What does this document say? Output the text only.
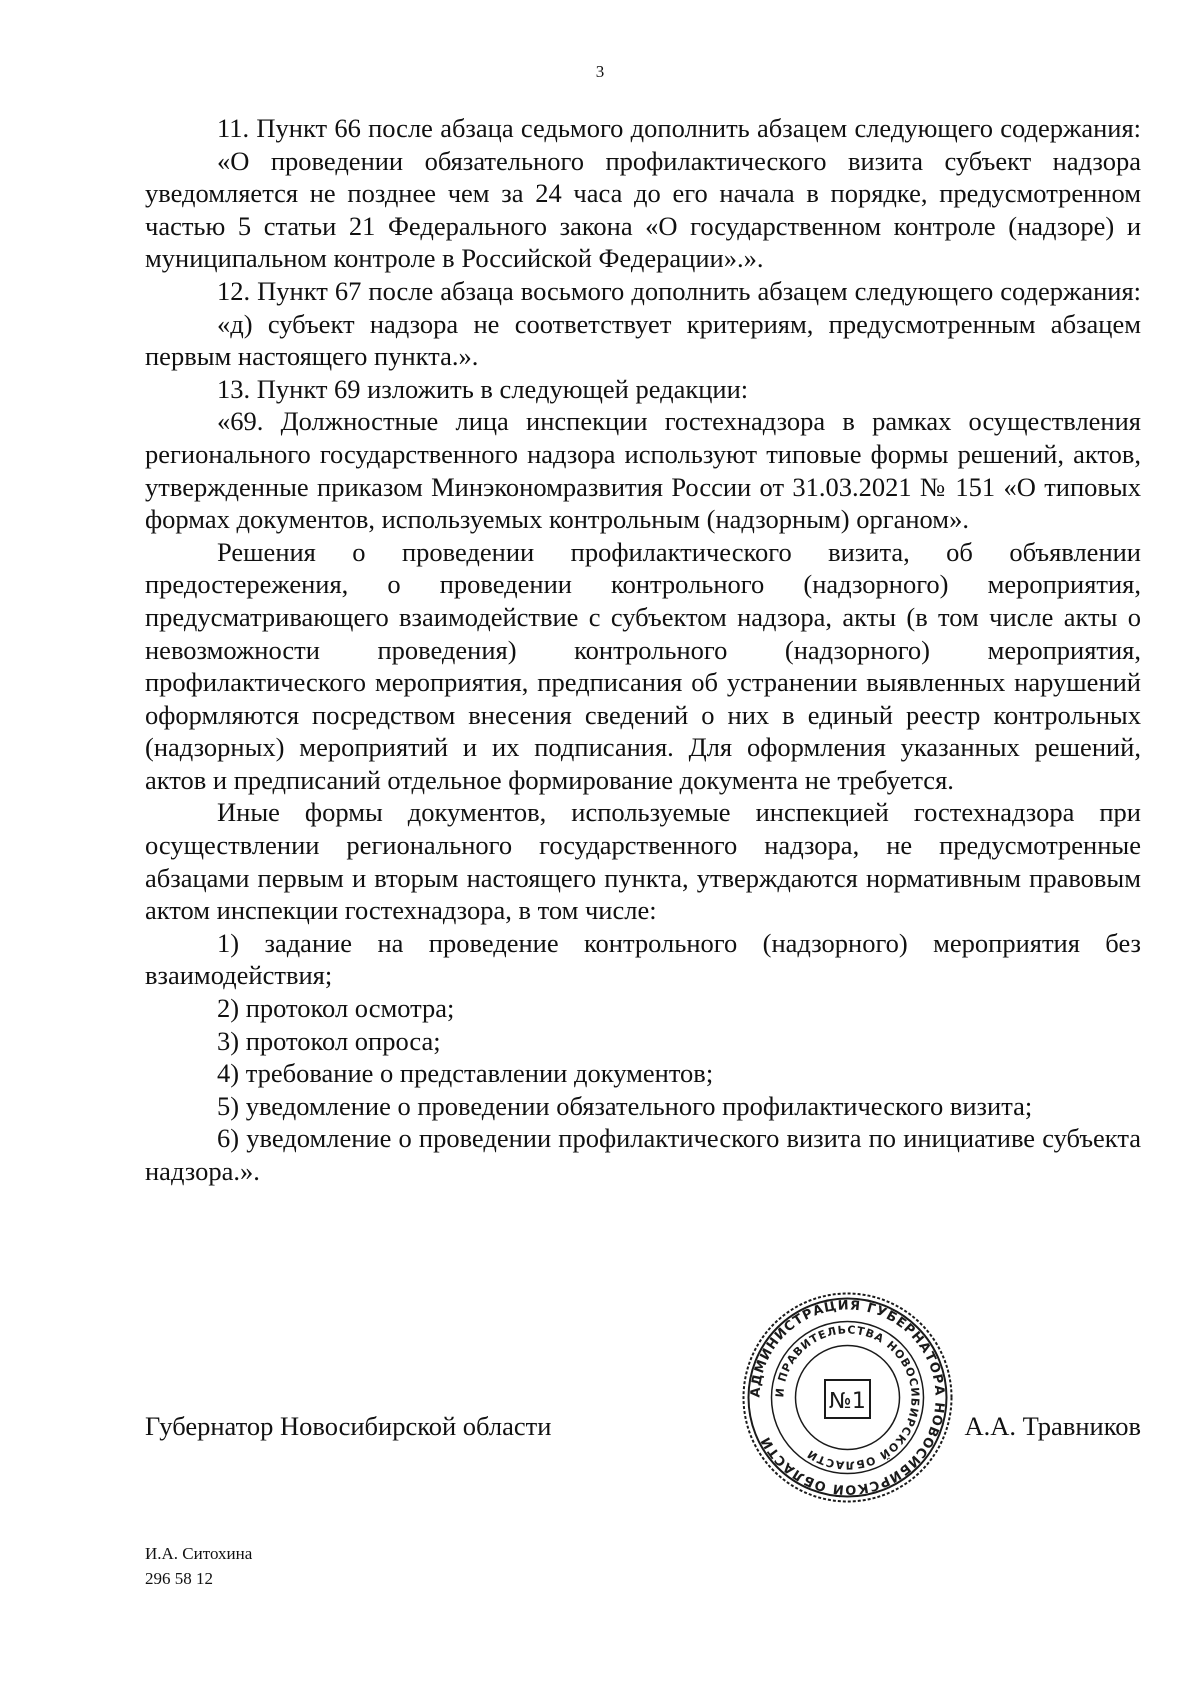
3

11. Пункт 66 после абзаца седьмого дополнить абзацем следующего содержания:

«О проведении обязательного профилактического визита субъект надзора уведомляется не позднее чем за 24 часа до его начала в порядке, предусмотренном частью 5 статьи 21 Федерального закона «О государственном контроле (надзоре) и муниципальном контроле в Российской Федерации».».

12. Пункт 67 после абзаца восьмого дополнить абзацем следующего содержания:

«д) субъект надзора не соответствует критериям, предусмотренным абзацем первым настоящего пункта.».

13. Пункт 69 изложить в следующей редакции:

«69. Должностные лица инспекции гостехнадзора в рамках осуществления регионального государственного надзора используют типовые формы решений, актов, утвержденные приказом Минэкономразвития России от 31.03.2021 № 151 «О типовых формах документов, используемых контрольным (надзорным) органом».

Решения о проведении профилактического визита, об объявлении предостережения, о проведении контрольного (надзорного) мероприятия, предусматривающего взаимодействие с субъектом надзора, акты (в том числе акты о невозможности проведения) контрольного (надзорного) мероприятия, профилактического мероприятия, предписания об устранении выявленных нарушений оформляются посредством внесения сведений о них в единый реестр контрольных (надзорных) мероприятий и их подписания. Для оформления указанных решений, актов и предписаний отдельное формирование документа не требуется.

Иные формы документов, используемые инспекцией гостехнадзора при осуществлении регионального государственного надзора, не предусмотренные абзацами первым и вторым настоящего пункта, утверждаются нормативным правовым актом инспекции гостехнадзора, в том числе:

1) задание на проведение контрольного (надзорного) мероприятия без взаимодействия;

2) протокол осмотра;

3) протокол опроса;

4) требование о представлении документов;

5) уведомление о проведении обязательного профилактического визита;

6) уведомление о проведении профилактического визита по инициативе субъекта надзора.».

Губернатор Новосибирской области	А.А. Травников
АДМИНИСТРАЦИЯ ГУБЕРНАТОРА НОВОСИБИРСКОЙ ОБЛАСТИ
И ПРАВИТЕЛЬСТВА НОВОСИБИРСКОЙ ОБЛАСТИ
№1
И.А. Ситохина
296 58 12
